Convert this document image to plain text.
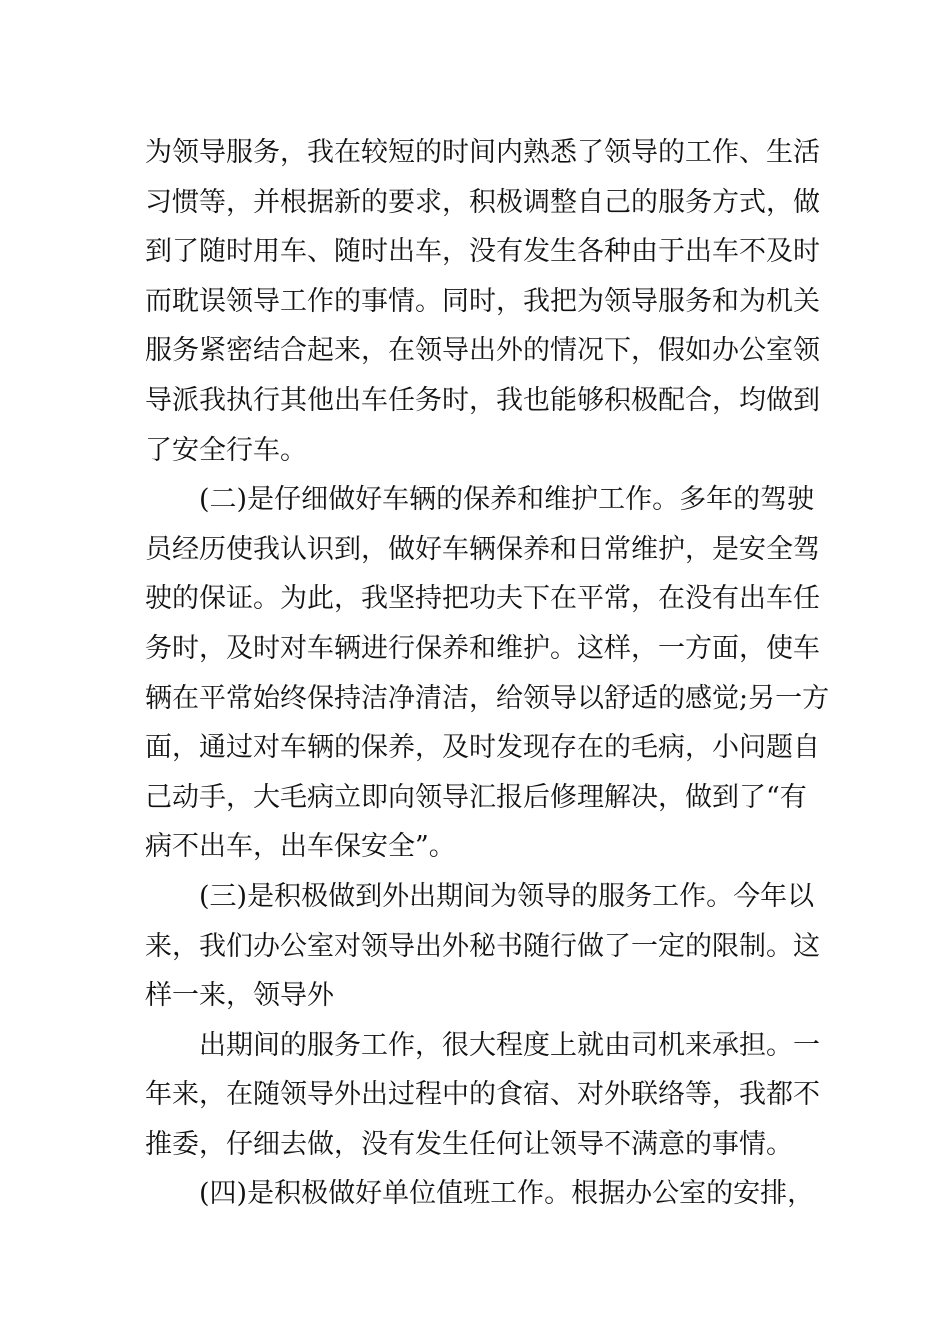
为领导服务，我在较短的时间内熟悉了领导的工作、生活
习惯等，并根据新的要求，积极调整自己的服务方式，做
到了随时用车、随时出车，没有发生各种由于出车不及时
而耽误领导工作的事情。同时，我把为领导服务和为机关
服务紧密结合起来，在领导出外的情况下，假如办公室领
导派我执行其他出车任务时，我也能够积极配合，均做到
了安全行车。
(二)是仔细做好车辆的保养和维护工作。多年的驾驶
员经历使我认识到，做好车辆保养和日常维护，是安全驾
驶的保证。为此，我坚持把功夫下在平常，在没有出车任
务时，及时对车辆进行保养和维护。这样，一方面，使车
辆在平常始终保持洁净清洁，给领导以舒适的感觉;另一方
面，通过对车辆的保养，及时发现存在的毛病，小问题自
己动手，大毛病立即向领导汇报后修理解决，做到了“有
病不出车，出车保安全”。
(三)是积极做到外出期间为领导的服务工作。今年以
来，我们办公室对领导出外秘书随行做了一定的限制。这
样一来，领导外
出期间的服务工作，很大程度上就由司机来承担。一
年来，在随领导外出过程中的食宿、对外联络等，我都不
推委，仔细去做，没有发生任何让领导不满意的事情。
(四)是积极做好单位值班工作。根据办公室的安排，
